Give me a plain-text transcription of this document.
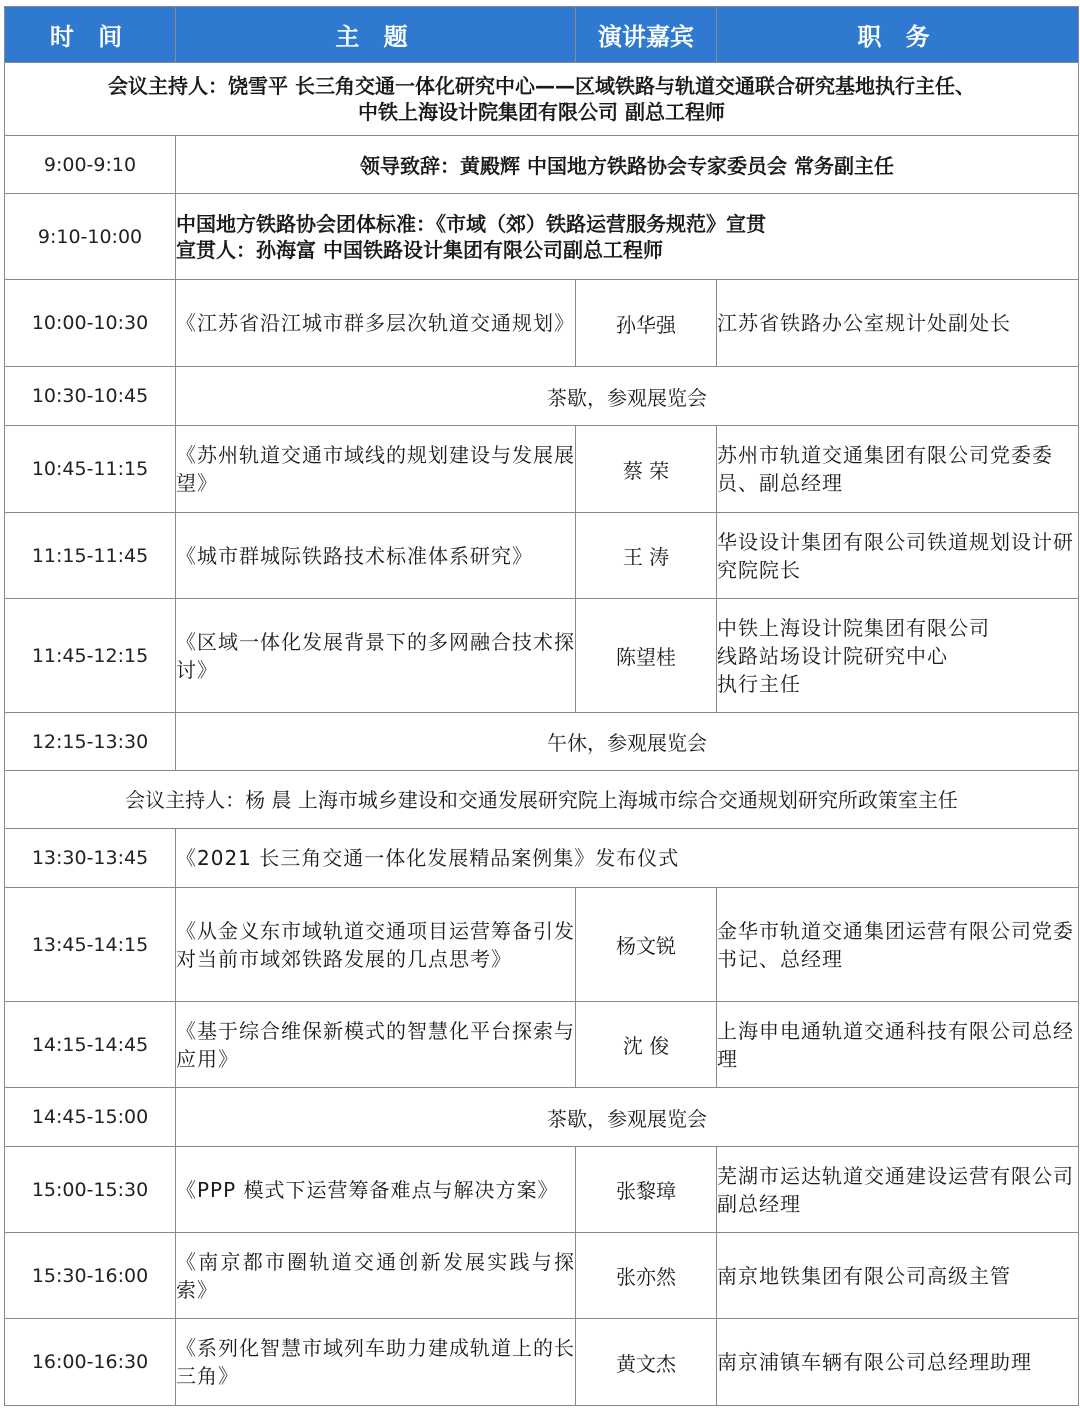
时 间	主 题	演讲嘉宾	职 务

会议主持人：饶雪平 长三角交通一体化研究中心——区域铁路与轨道交通联合研究基地执行主任、
中铁上海设计院集团有限公司 副总工程师			

9:00-9:10	领导致辞：黄殿辉 中国地方铁路协会专家委员会 常务副主任		
9:10-10:00	中国地方铁路协会团体标准：《市域（郊）铁路运营服务规范》宣贯
宣贯人：孙海富 中国铁路设计集团有限公司副总工程师		

10:00-10:30	《江苏省沿江城市群多层次轨道交通规划》	孙华强	江苏省铁路办公室规计处副处长
10:30-10:45	茶歇，参观展览会		
10:45-11:15	《苏州轨道交通市域线的规划建设与发展展望》	蔡 荣	苏州市轨道交通集团有限公司党委委员、副总经理
11:15-11:45	《城市群城际铁路技术标准体系研究》	王 涛	华设设计集团有限公司铁道规划设计研究院院长
11:45-12:15	《区域一体化发展背景下的多网融合技术探讨》	陈望桂	中铁上海设计院集团有限公司
线路站场设计院研究中心
执行主任

12:15-13:30	午休，参观展览会		
会议主持人：杨 晨 上海市城乡建设和交通发展研究院上海城市综合交通规划研究所政策室主任			
13:30-13:45	《2021 长三角交通一体化发展精品案例集》发布仪式		
13:45-14:15	《从金义东市域轨道交通项目运营筹备引发对当前市域郊铁路发展的几点思考》	杨文锐	金华市轨道交通集团运营有限公司党委书记、总经理
14:15-14:45	《基于综合维保新模式的智慧化平台探索与应用》	沈 俊	上海申电通轨道交通科技有限公司总经理
14:45-15:00	茶歇，参观展览会		
15:00-15:30	《PPP 模式下运营筹备难点与解决方案》	张黎璋	芜湖市运达轨道交通建设运营有限公司副总经理
15:30-16:00	《南京都市圈轨道交通创新发展实践与探索》	张亦然	南京地铁集团有限公司高级主管
16:00-16:30	《系列化智慧市域列车助力建成轨道上的长三角》	黄文杰	南京浦镇车辆有限公司总经理助理
